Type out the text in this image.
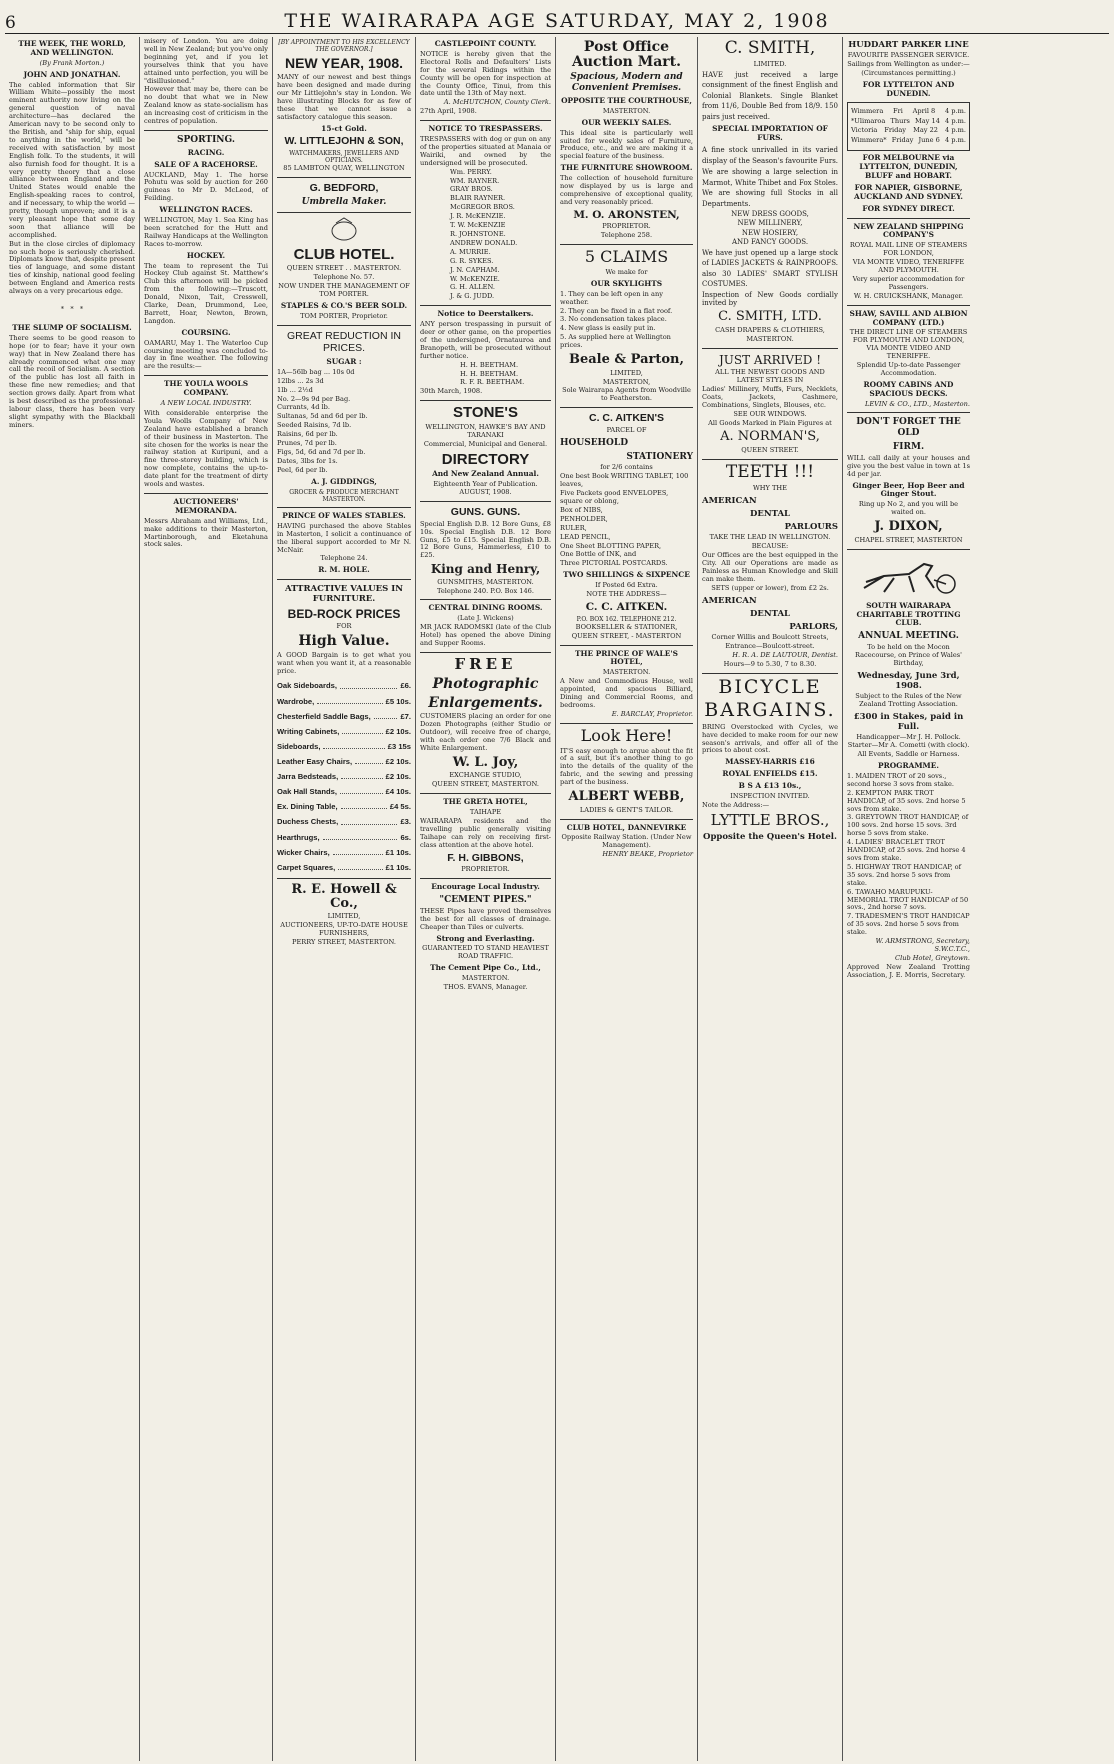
6	THE WAIRARAPA AGE SATURDAY, MAY 2, 1908
THE WEEK, THE WORLD, AND WELLINGTON.
(By Frank Morton.)
JOHN AND JONATHAN.

The cabled information that Sir William White—possibly the most eminent authority now living on the general question of naval architecture—has declared the American navy to be second only to the British, and "ship for ship, equal to anything in the world," will be received with satisfaction by most English folk. To the students, it will also furnish food for thought. It is a very pretty theory that a close alliance between England and the United States would enable the English-speaking races to control, and if necessary, to whip the world — pretty, though unproven; and it is a very pleasant hope that some day soon that alliance will be accomplished.

But in the close circles of diplomacy no such hope is seriously cherished. Diplomats know that, despite present ties of language, and some distant ties of kinship, national good feeling between England and America rests always on a very precarious edge.

*   *   *
THE SLUMP OF SOCIALISM.

There seems to be good reason to hope (or to fear; have it your own way) that in New Zealand there has already commenced what one may call the recoil of Socialism. A section of the public has lost all faith in these fine new remedies; and that section grows daily. Apart from what is best described as the professional-labour class, there has been very slight sympathy with the Blackball miners.

misery of London. You are doing well in New Zealand; but you've only beginning yet, and if you let yourselves think that you have attained unto perfection, you will be "disillusioned."

However that may be, there can be no doubt that what we in New Zealand know as state-socialism has an increasing cost of criticism in the centres of population.

SPORTING.
RACING.
SALE OF A RACEHORSE.

AUCKLAND, May 1. The horse Pohutu was sold by auction for 260 guineas to Mr D. McLeod, of Feilding.

WELLINGTON RACES.

WELLINGTON, May 1. Sea King has been scratched for the Hutt and Railway Handicaps at the Wellington Races to-morrow.

HOCKEY.

The team to represent the Tui Hockey Club against St. Matthew's Club this afternoon will be picked from the following:—Truscott, Donald, Nixon, Tait, Cresswell, Clarke, Dean, Drummond, Lee, Barrett, Hoar, Newton, Brown, Langdon.

COURSING.

OAMARU, May 1. The Waterloo Cup coursing meeting was concluded to-day in fine weather. The following are the results:—

THE YOULA WOOLS COMPANY.
A NEW LOCAL INDUSTRY.

With considerable enterprise the Youla Woolls Company of New Zealand have established a branch of their business in Masterton. The site chosen for the works is near the railway station at Kuripuni, and a fine three-storey building, which is now complete, contains the up-to-date plant for the treatment of dirty wools and wastes.

AUCTIONEERS' MEMORANDA.

Messrs Abraham and Williams, Ltd., make additions to their Masterton, Martinborough, and Eketahuna stock sales.

[BY APPOINTMENT TO HIS EXCELLENCY THE GOVERNOR.]
NEW YEAR, 1908.

MANY of our newest and best things have been designed and made during our Mr Littlejohn's stay in London. We have illustrating Blocks for as few of these that we cannot issue a satisfactory catalogue this season.

15-ct Gold.
W. LITTLEJOHN & SON,
WATCHMAKERS, JEWELLERS AND OPTICIANS.
85 LAMBTON QUAY, WELLINGTON
G. BEDFORD,
Umbrella Maker.
CLUB HOTEL.
QUEEN STREET . . MASTERTON.
Telephone No. 57.
NOW UNDER THE MANAGEMENT OF TOM PORTER.
STAPLES & CO.'S BEER SOLD.
TOM PORTER, Proprietor.
GREAT REDUCTION IN PRICES.
SUGAR :
1A—56lb bag ... 10s 0d
12lbs ... 2s 3d
1lb ... 2½d
No. 2—9s 9d per Bag.
Currants, 4d lb.
Sultanas, 5d and 6d per lb.
Seeded Raisins, 7d lb.
Raisins, 6d per lb.
Prunes, 7d per lb.
Figs, 5d, 6d and 7d per lb.
Dates, 3lbs for 1s.
Peel, 6d per lb.
A. J. GIDDINGS,
GROCER & PRODUCE MERCHANT MASTERTON.
PRINCE OF WALES STABLES.

HAVING purchased the above Stables in Masterton, I solicit a continuance of the liberal support accorded to Mr N. McNair.

Telephone 24.
R. M. HOLE.
ATTRACTIVE VALUES IN FURNITURE.
BED-ROCK PRICES
FOR
High Value.

A GOOD Bargain is to get what you want when you want it, at a reasonable price.

Oak Sideboards,	£6.
Wardrobe,	£5 10s.
Chesterfield Saddle Bags,	£7.
Writing Cabinets,	£2 10s.
Sideboards,	£3 15s
Leather Easy Chairs,	£2 10s.
Jarra Bedsteads,	£2 10s.
Oak Hall Stands,	£4 10s.
Ex. Dining Table,	£4 5s.
Duchess Chests,	£3.
Hearthrugs,	6s.
Wicker Chairs,	£1 10s.
Carpet Squares,	£1 10s.
R. E. Howell & Co.,
LIMITED,
AUCTIONEERS, UP-TO-DATE HOUSE FURNISHERS,
PERRY STREET, MASTERTON.
CASTLEPOINT COUNTY.

NOTICE is hereby given that the Electoral Rolls and Defaulters' Lists for the several Ridings within the County will be open for inspection at the County Office, Tinui, from this date until the 13th of May next.

A. McHUTCHON, County Clerk.
27th April, 1908.
NOTICE TO TRESPASSERS.

TRESPASSERS with dog or gun on any of the properties situated at Manaia or Wairiki, and owned by the undersigned will be prosecuted.

Wm. PERRY.
WM. RAYNER.
GRAY BROS.
BLAIR RAYNER.
McGREGOR BROS.
J. R. McKENZIE.
T. W. McKENZIE
R. JOHNSTONE.
ANDREW DONALD.
A. MURRIE.
G. R. SYKES.
J. N. CAPHAM.
W. McKENZIE.
G. H. ALLEN.
J. & G. JUDD.
Notice to Deerstalkers.

ANY person trespassing in pursuit of deer or other game, on the properties of the undersigned, Ornatauroa and Branopeth, will be prosecuted without further notice.

H. H. BEETHAM.
H. H. BEETHAM.
R. F. R. BEETHAM.
30th March, 1908.
STONE'S
WELLINGTON, HAWKE'S BAY AND TARANAKI
Commercial, Municipal and General.
DIRECTORY
And New Zealand Annual.
Eighteenth Year of Publication. AUGUST, 1908.
GUNS. GUNS.

Special English D.B. 12 Bore Guns, £8 10s. Special English D.B. 12 Bore Guns, £5 to £15. Special English D.B. 12 Bore Guns, Hammerless, £10 to £25.

King and Henry,
GUNSMITHS, MASTERTON.
Telephone 240. P.O. Box 146.
CENTRAL DINING ROOMS.
(Late J. Wickens)

MR JACK RADOMSKI (late of the Club Hotel) has opened the above Dining and Supper Rooms.

FREE
Photographic
Enlargements.

CUSTOMERS placing an order for one Dozen Photographs (either Studio or Outdoor), will receive free of charge, with each order one 7/6 Black and White Enlargement.

W. L. Joy,
EXCHANGE STUDIO,
QUEEN STREET, MASTERTON.
THE GRETA HOTEL,
TAIHAPE

WAIRARAPA residents and the travelling public generally visiting Taihape can rely on receiving first-class attention at the above hotel.

F. H. GIBBONS,
PROPRIETOR.
Encourage Local Industry.
"CEMENT PIPES."

THESE Pipes have proved themselves the best for all classes of drainage. Cheaper than Tiles or culverts.

Strong and Everlasting.
GUARANTEED TO STAND HEAVIEST ROAD TRAFFIC.
The Cement Pipe Co., Ltd.,
MASTERTON.
THOS. EVANS, Manager.
Post Office Auction Mart.
Spacious, Modern and Convenient Premises.
OPPOSITE THE COURTHOUSE,
MASTERTON.
OUR WEEKLY SALES.

This ideal site is particularly well suited for weekly sales of Furniture, Produce, etc., and we are making it a special feature of the business.

THE FURNITURE SHOWROOM.

The collection of household furniture now displayed by us is large and comprehensive of exceptional quality, and very reasonably priced.

M. O. ARONSTEN,
PROPRIETOR.
Telephone 258.
5 CLAIMS
We make for
OUR SKYLIGHTS
1. They can be left open in any weather.
2. They can be fixed in a flat roof.
3. No condensation takes place.
4. New glass is easily put in.
5. As supplied here at Wellington prices.
Beale & Parton,
LIMITED,
MASTERTON,
Sole Wairarapa Agents from Woodville to Featherston.
C. C. AITKEN'S
PARCEL OF
HOUSEHOLD
STATIONERY
for 2/6 contains
One best Book WRITING TABLET, 100 leaves,
Five Packets good ENVELOPES, square or oblong,
Box of NIBS,
PENHOLDER,
RULER,
LEAD PENCIL,
One Sheet BLOTTING PAPER,
One Bottle of INK, and
Three PICTORIAL POSTCARDS.
TWO SHILLINGS & SIXPENCE
If Posted 6d Extra.
NOTE THE ADDRESS—
C. C. AITKEN.
P.O. BOX 162. TELEPHONE 212.
BOOKSELLER & STATIONER,
QUEEN STREET, - MASTERTON
THE PRINCE OF WALE'S HOTEL,
MASTERTON.

A New and Commodious House, well appointed, and spacious Billiard, Dining and Commercial Rooms, and bedrooms.

E. BARCLAY, Proprietor.
Look Here!

IT'S easy enough to argue about the fit of a suit, but it's another thing to go into the details of the quality of the fabric, and the sewing and pressing part of the business.

ALBERT WEBB,
LADIES & GENT'S TAILOR.
CLUB HOTEL, DANNEVIRKE
Opposite Railway Station. (Under New Management).
HENRY BEAKE, Proprietor
C. SMITH,
LIMITED.

HAVE just received a large consignment of the finest English and Colonial Blankets. Single Blanket from 11/6, Double Bed from 18/9. 150 pairs just received.

SPECIAL IMPORTATION OF FURS.

A fine stock unrivalled in its varied display of the Season's favourite Furs.

We are showing a large selection in Marmot, White Thibet and Fox Stoles. We are showing full Stocks in all Departments.

NEW DRESS GOODS,
NEW MILLINERY,
NEW HOSIERY,
AND FANCY GOODS.

We have just opened up a large stock of LADIES JACKETS & RAINPROOFS. also 30 LADIES' SMART STYLISH COSTUMES.

Inspection of New Goods cordially invited by

C. SMITH, LTD.
CASH DRAPERS & CLOTHIERS,
MASTERTON.
JUST ARRIVED !
ALL THE NEWEST GOODS AND LATEST STYLES IN

Ladies' Millinery, Muffs, Furs, Necklets, Coats, Jackets, Cashmere, Combinations, Singlets, Blouses, etc.

SEE OUR WINDOWS.
All Goods Marked in Plain Figures at
A. NORMAN'S,
QUEEN STREET.
TEETH !!!
WHY THE
AMERICAN
DENTAL
PARLOURS
TAKE THE LEAD IN WELLINGTON.
BECAUSE:

Our Offices are the best equipped in the City. All our Operations are made as Painless as Human Knowledge and Skill can make them.

SETS (upper or lower), from £2 2s.
AMERICAN
DENTAL
PARLORS,
Corner Willis and Boulcott Streets,
Entrance—Boulcott-street.
H. R. A. DE LAUTOUR, Dentist.
Hours—9 to 5.30, 7 to 8.30.
BICYCLE
BARGAINS.

BRING Overstocked with Cycles, we have decided to make room for our new season's arrivals, and offer all of the prices to about cost.

MASSEY-HARRIS £16
ROYAL ENFIELDS £15.
B S A £13 10s.,
INSPECTION INVITED.
Note the Address:—
LYTTLE BROS.,
Opposite the Queen's Hotel.
HUDDART PARKER LINE
FAVOURITE PASSENGER SERVICE.
Sailings from Wellington as under:—
(Circumstances permitting.)
FOR LYTTELTON AND DUNEDIN.
Wimmera Fri April 8 4 p.m.
*Ulimaroa Thurs May 14 4 p.m.
Victoria Friday May 22 4 p.m.
Wimmera* Friday June 6 4 p.m.
FOR MELBOURNE via LYTTELTON, DUNEDIN, BLUFF and HOBART.
FOR NAPIER, GISBORNE, AUCKLAND AND SYDNEY.
FOR SYDNEY DIRECT.
NEW ZEALAND SHIPPING COMPANY'S
ROYAL MAIL LINE OF STEAMERS FOR LONDON,
VIA MONTE VIDEO, TENERIFFE AND PLYMOUTH.
Very superior accommodation for Passengers.
W. H. CRUICKSHANK, Manager.
SHAW, SAVILL AND ALBION COMPANY (LTD.)
THE DIRECT LINE OF STEAMERS FOR PLYMOUTH AND LONDON, VIA MONTE VIDEO AND TENERIFFE.
Splendid Up-to-date Passenger Accommodation.
ROOMY CABINS AND SPACIOUS DECKS.
LEVIN & CO., LTD., Masterton.
DON'T FORGET THE OLD
FIRM.

WILL call daily at your houses and give you the best value in town at 1s 4d per jar.

Ginger Beer, Hop Beer and Ginger Stout.
Ring up No 2, and you will be waited on.
J. DIXON,
CHAPEL STREET, MASTERTON
SOUTH WAIRARAPA CHARITABLE TROTTING CLUB.
ANNUAL MEETING.
To be held on the Mocon Racecourse, on Prince of Wales' Birthday,
Wednesday, June 3rd, 1908.
Subject to the Rules of the New Zealand Trotting Association.
£300 in Stakes, paid in Full.
Handicapper—Mr J. H. Pollock. Starter—Mr A. Cometti (with clock).
All Events, Saddle or Harness.
PROGRAMME.
1. MAIDEN TROT of 20 sovs., second horse 3 sovs from stake.
2. KEMPTON PARK TROT HANDICAP, of 35 sovs. 2nd horse 5 sovs from stake.
3. GREYTOWN TROT HANDICAP, of 100 sovs. 2nd horse 15 sovs. 3rd horse 5 sovs from stake.
4. LADIES' BRACELET TROT HANDICAP, of 25 sovs. 2nd horse 4 sovs from stake.
5. HIGHWAY TROT HANDICAP, of 35 sovs. 2nd horse 5 sovs from stake.
6. TAWAHO MARUPUKU-MEMORIAL TROT HANDICAP of 50 sovs., 2nd horse 7 sovs.
7. TRADESMEN'S TROT HANDICAP of 35 sovs. 2nd horse 5 sovs from stake.
W. ARMSTRONG, Secretary, S.W.C.T.C.,
Club Hotel, Greytown.
Approved New Zealand Trotting Association, J. E. Morris, Secretary.
